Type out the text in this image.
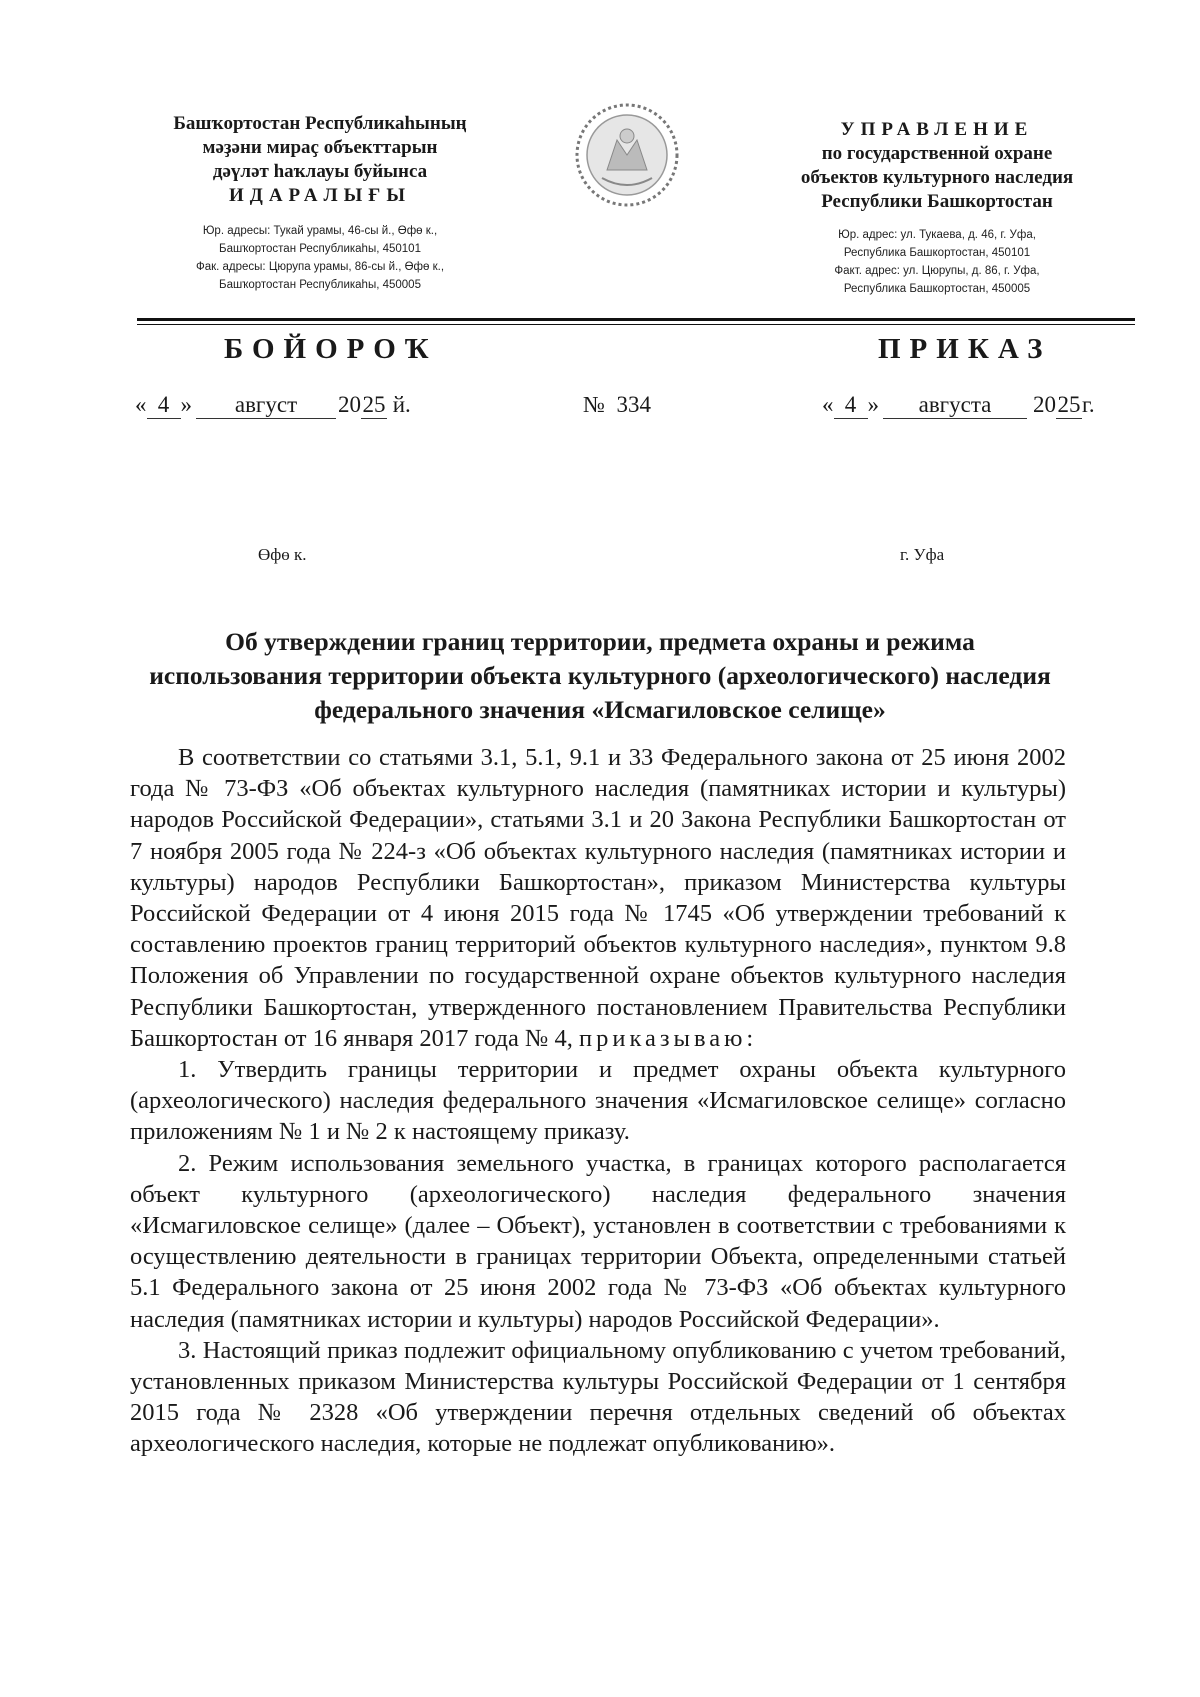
Башҡортостан Республикаһының
мәҙәни мираҫ объекттарын
дәүләт һаҡлауы буйынса
ИДАРАЛЫҒЫ
Юр. адресы: Тукай урамы, 46-сы й., Өфө к.,
Башҡортостан Республикаһы, 450101
Фак. адресы: Цюрупа урамы, 86-сы й., Өфө к.,
Башҡортостан Республикаһы, 450005
УПРАВЛЕНИЕ
по государственной охране
объектов культурного наследия
Республики Башкортостан
Юр. адрес: ул. Тукаева, д. 46, г. Уфа,
Республика Башкортостан, 450101
Факт. адрес: ул. Цюрупы, д. 86, г. Уфа,
Республика Башкортостан, 450005
БОЙОРОҠ	ПРИКАЗ
« 4 » август 2025 й.	№ 334	« 4 » августа 2025г.
Өфө к.	г. Уфа
Об утверждении границ территории, предмета охраны и режима
использования территории объекта культурного (археологического) наследия
федерального значения «Исмагиловское селище»

В соответствии со статьями 3.1, 5.1, 9.1 и 33 Федерального закона от 25 июня 2002 года № 73-ФЗ «Об объектах культурного наследия (памятниках истории и культуры) народов Российской Федерации», статьями 3.1 и 20 Закона Республики Башкортостан от 7 ноября 2005 года № 224-з «Об объектах культурного наследия (памятниках истории и культуры) народов Республики Башкортостан», приказом Министерства культуры Российской Федерации от 4 июня 2015 года № 1745 «Об утверждении требований к составлению проектов границ территорий объектов культурного наследия», пунктом 9.8 Положения об Управлении по государственной охране объектов культурного наследия Республики Башкортостан, утвержденного постановлением Правительства Республики Башкортостан от 16 января 2017 года № 4, приказываю:

1. Утвердить границы территории и предмет охраны объекта культурного (археологического) наследия федерального значения «Исмагиловское селище» согласно приложениям № 1 и № 2 к настоящему приказу.

2. Режим использования земельного участка, в границах которого располагается объект культурного (археологического) наследия федерального значения «Исмагиловское селище» (далее – Объект), установлен в соответствии с требованиями к осуществлению деятельности в границах территории Объекта, определенными статьей 5.1 Федерального закона от 25 июня 2002 года № 73-ФЗ «Об объектах культурного наследия (памятниках истории и культуры) народов Российской Федерации».

3. Настоящий приказ подлежит официальному опубликованию с учетом требований, установленных приказом Министерства культуры Российской Федерации от 1 сентября 2015 года № 2328 «Об утверждении перечня отдельных сведений об объектах археологического наследия, которые не подлежат опубликованию».
